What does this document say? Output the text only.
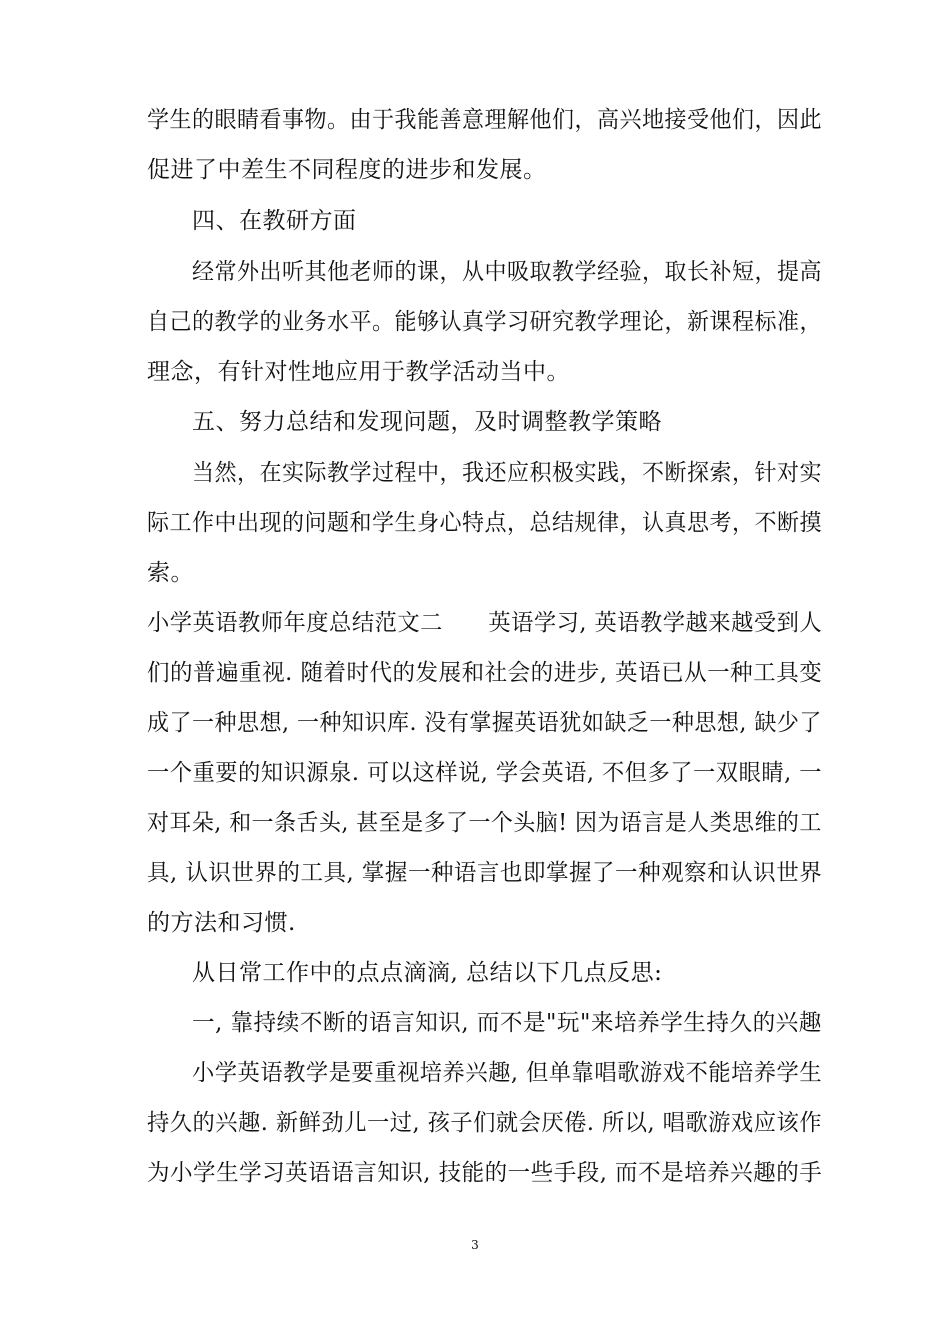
学生的眼睛看事物。由于我能善意理解他们，高兴地接受他们，因此
促进了中差生不同程度的进步和发展。
四、在教研方面
经常外出听其他老师的课，从中吸取教学经验，取长补短，提高
自己的教学的业务水平。能够认真学习研究教学理论，新课程标准，
理念，有针对性地应用于教学活动当中。
五、努力总结和发现问题，及时调整教学策略
当然，在实际教学过程中，我还应积极实践，不断探索，针对实
际工作中出现的问题和学生身心特点，总结规律，认真思考，不断摸
索。
小学英语教师年度总结范文二　　英语学习, 英语教学越来越受到人
们的普遍重视. 随着时代的发展和社会的进步, 英语已从一种工具变
成了一种思想, 一种知识库. 没有掌握英语犹如缺乏一种思想, 缺少了
一个重要的知识源泉. 可以这样说, 学会英语, 不但多了一双眼睛, 一
对耳朵, 和一条舌头, 甚至是多了一个头脑! 因为语言是人类思维的工
具, 认识世界的工具, 掌握一种语言也即掌握了一种观察和认识世界
的方法和习惯.
从日常工作中的点点滴滴, 总结以下几点反思:
一, 靠持续不断的语言知识, 而不是"玩"来培养学生持久的兴趣
小学英语教学是要重视培养兴趣, 但单靠唱歌游戏不能培养学生
持久的兴趣. 新鲜劲儿一过, 孩子们就会厌倦. 所以, 唱歌游戏应该作
为小学生学习英语语言知识, 技能的一些手段, 而不是培养兴趣的手
3
